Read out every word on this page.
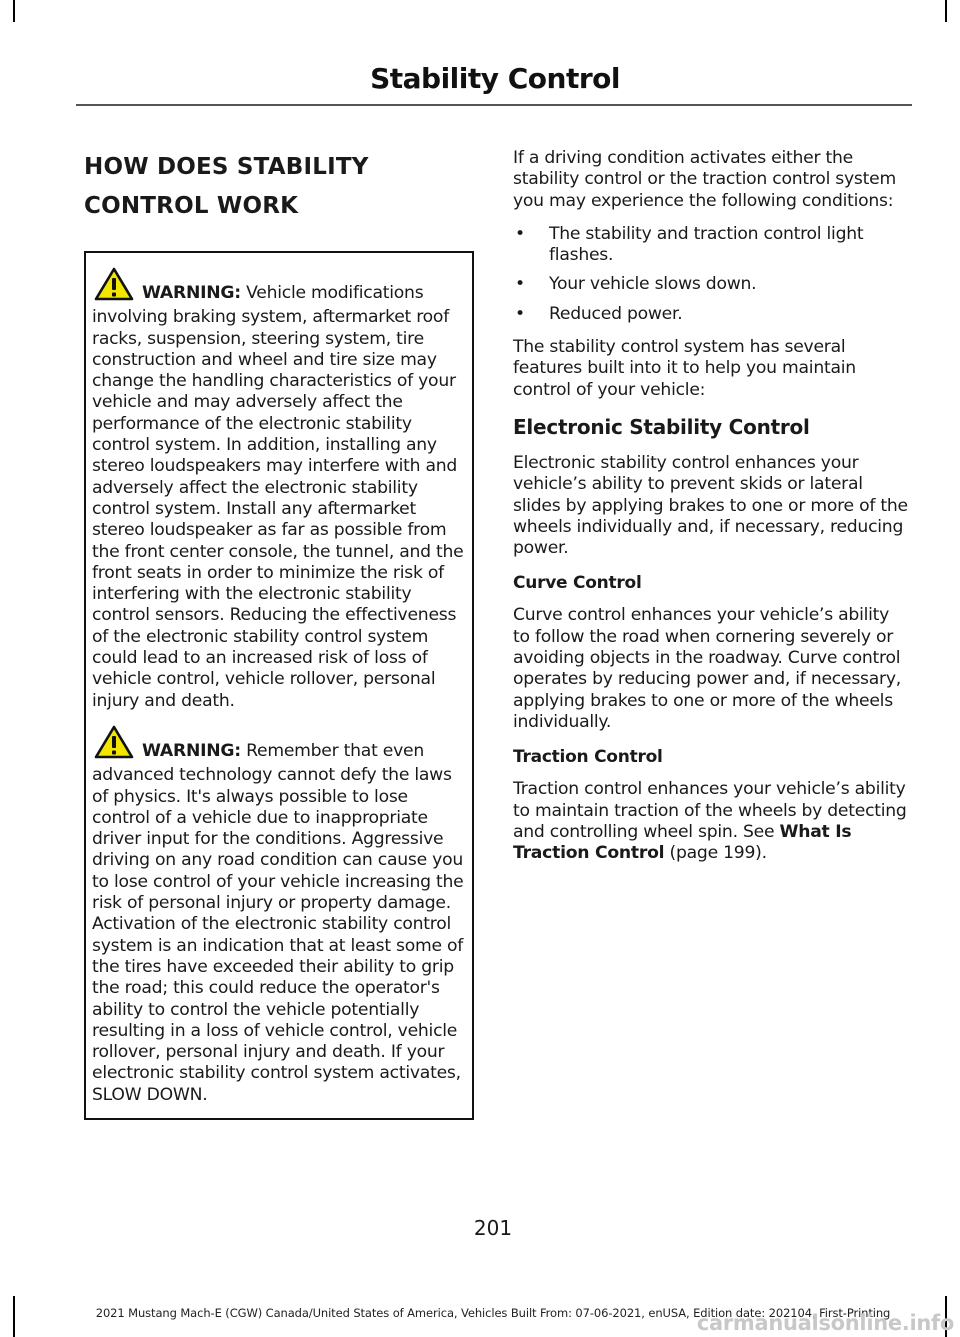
Stability Control
HOW DOES STABILITY
CONTROL WORK

WARNING: Vehicle modifications involving braking system, aftermarket roof racks, suspension, steering system, tire construction and wheel and tire size may change the handling characteristics of your vehicle and may adversely affect the performance of the electronic stability control system. In addition, installing any stereo loudspeakers may interfere with and adversely affect the electronic stability control system. Install any aftermarket stereo loudspeaker as far as possible from the front center console, the tunnel, and the front seats in order to minimize the risk of interfering with the electronic stability control sensors. Reducing the effectiveness of the electronic stability control system could lead to an increased risk of loss of vehicle control, vehicle rollover, personal injury and death.

WARNING: Remember that even advanced technology cannot defy the laws of physics. It's always possible to lose control of a vehicle due to inappropriate driver input for the conditions. Aggressive driving on any road condition can cause you to lose control of your vehicle increasing the risk of personal injury or property damage. Activation of the electronic stability control system is an indication that at least some of the tires have exceeded their ability to grip the road; this could reduce the operator's ability to control the vehicle potentially resulting in a loss of vehicle control, vehicle rollover, personal injury and death. If your electronic stability control system activates, SLOW DOWN.

If a driving condition activates either the stability control or the traction control system you may experience the following conditions:

• The stability and traction control light flashes.
• Your vehicle slows down.
• Reduced power.

The stability control system has several features built into it to help you maintain control of your vehicle:

Electronic Stability Control

Electronic stability control enhances your vehicle’s ability to prevent skids or lateral slides by applying brakes to one or more of the wheels individually and, if necessary, reducing power.

Curve Control

Curve control enhances your vehicle’s ability to follow the road when cornering severely or avoiding objects in the roadway. Curve control operates by reducing power and, if necessary, applying brakes to one or more of the wheels individually.

Traction Control

Traction control enhances your vehicle’s ability to maintain traction of the wheels by detecting and controlling wheel spin. See What Is Traction Control (page 199).

201
2021 Mustang Mach-E (CGW) Canada/United States of America, Vehicles Built From: 07-06-2021, enUSA, Edition date: 202104, First-Printing
carmanualsonline.info
